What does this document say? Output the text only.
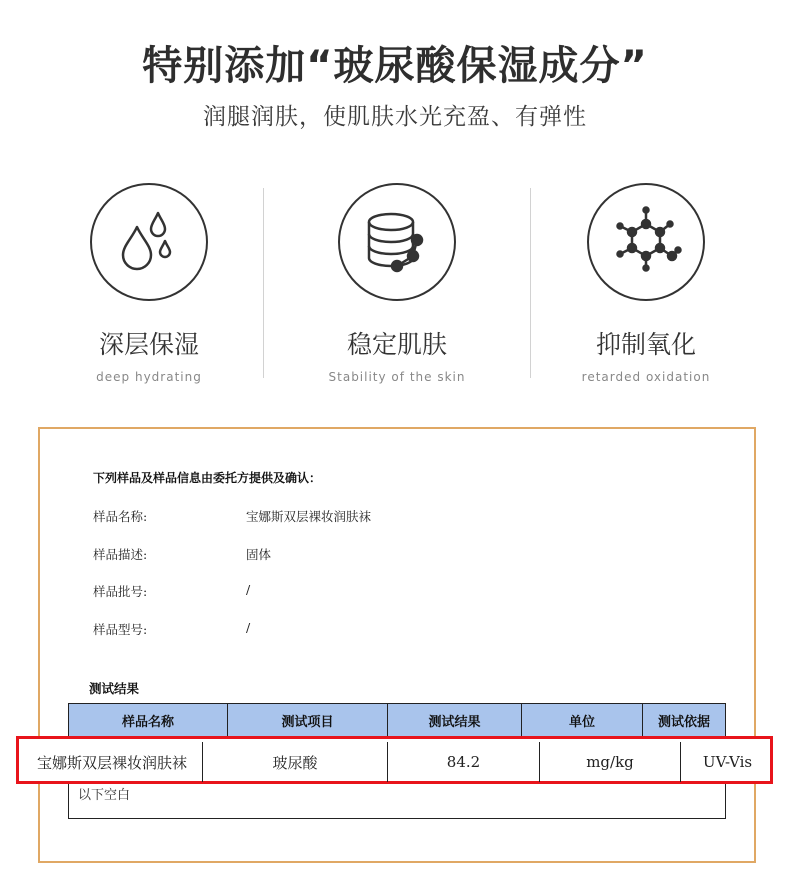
特别添加“玻尿酸保湿成分”
润腿润肤，使肌肤水光充盈、有弹性
深层保湿
deep hydrating
稳定肌肤
Stability of the skin
抑制氧化
retarded oxidation
下列样品及样品信息由委托方提供及确认：
样品名称:	宝娜斯双层裸妆润肤袜
样品描述:	固体
样品批号:	/
样品型号:	/
测试结果
样品名称	测试项目	测试结果	单位	测试依据
以下空白
宝娜斯双层裸妆润肤袜	玻尿酸	84.2	mg/kg	UV-Vis
